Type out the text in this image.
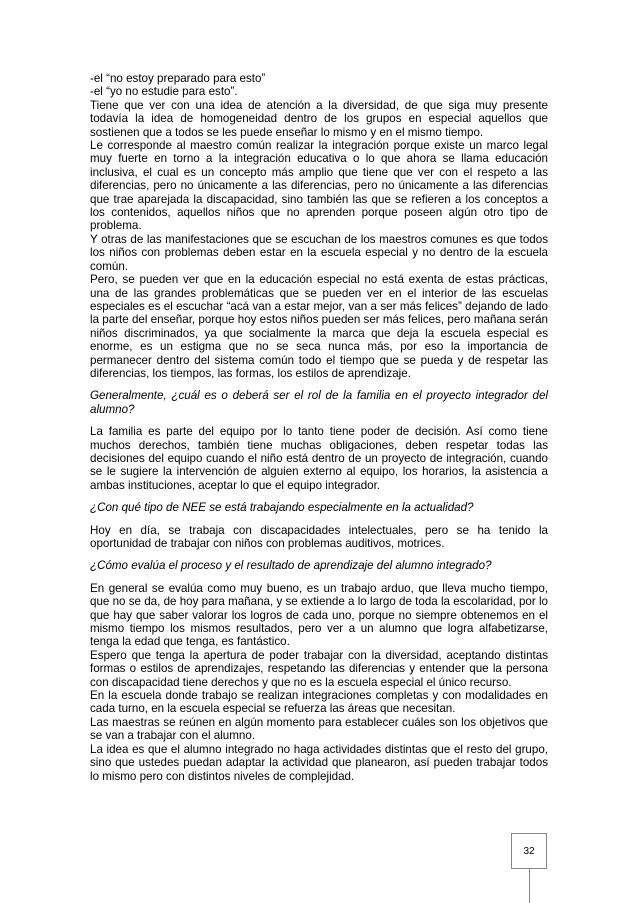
-el “no estoy preparado para esto”

-el “yo no estudie para esto”.

Tiene que ver con una idea de atención a la diversidad, de que siga muy presente todavía la idea de homogeneidad dentro de los grupos en especial aquellos que sostienen que a todos se les puede enseñar lo mismo y en el mismo tiempo.

Le corresponde al maestro común realizar la integración porque existe un marco legal muy fuerte en torno a la integración educativa o lo que ahora se llama educación inclusiva, el cual es un concepto más amplio que tiene que ver con el respeto a las diferencias, pero no únicamente a las diferencias, pero no únicamente a las diferencias que trae aparejada la discapacidad, sino también las que se refieren a los conceptos a los contenidos, aquellos niños que no aprenden porque poseen algún otro tipo de problema.

Y otras de las manifestaciones que se escuchan de los maestros comunes es que todos los niños con problemas deben estar en la escuela especial y no dentro de la escuela común.

Pero, se pueden ver que en la educación especial no está exenta de estas prácticas, una de las grandes problemáticas que se pueden ver en el interior de las escuelas especiales es el escuchar “acá van a estar mejor, van a ser más felices” dejando de lado la parte del enseñar, porque hoy estos niños pueden ser más felices, pero mañana serán niños discriminados, ya que socialmente la marca que deja la escuela especial es enorme, es un estigma que no se seca nunca más, por eso la importancia de permanecer dentro del sistema común todo el tiempo que se pueda y de respetar las diferencias, los tiempos, las formas, los estilos de aprendizaje.

Generalmente, ¿cuál es o deberá ser el rol de la familia en el proyecto integrador del alumno?

La familia es parte del equipo por lo tanto tiene poder de decisión. Así como tiene muchos derechos, también tiene muchas obligaciones, deben respetar todas las decisiones del equipo cuando el niño está dentro de un proyecto de integración, cuando se le sugiere la intervención de alguien externo al equipo, los horarios, la asistencia a ambas instituciones, aceptar lo que el equipo integrador.

¿Con qué tipo de NEE se está trabajando especialmente en la actualidad?

Hoy en día, se trabaja con discapacidades intelectuales, pero se ha tenido la oportunidad de trabajar con niños con problemas auditivos, motrices.

¿Cómo evalúa el proceso y el resultado de aprendizaje del alumno integrado?

En general se evalúa como muy bueno, es un trabajo arduo, que lleva mucho tiempo, que no se da, de hoy para mañana, y se extiende a lo largo de toda la escolaridad, por lo que hay que saber valorar los logros de cada uno, porque no siempre obtenemos en el mismo tiempo los mismos resultados, pero ver a un alumno que logra alfabetizarse, tenga la edad que tenga, es fantástico.

Espero que tenga la apertura de poder trabajar con la diversidad, aceptando distintas formas o estilos de aprendizajes, respetando las diferencias y entender que la persona con discapacidad tiene derechos y que no es la escuela especial el único recurso.

En la escuela donde trabajo se realizan integraciones completas y con modalidades en cada turno, en la escuela especial se refuerza las áreas que necesitan.

Las maestras se reúnen en algún momento para establecer cuáles son los objetivos que se van a trabajar con el alumno.

La idea es que el alumno integrado no haga actividades distintas que el resto del grupo, sino que ustedes puedan adaptar la actividad que planearon, así pueden trabajar todos lo mismo pero con distintos niveles de complejidad.

32
